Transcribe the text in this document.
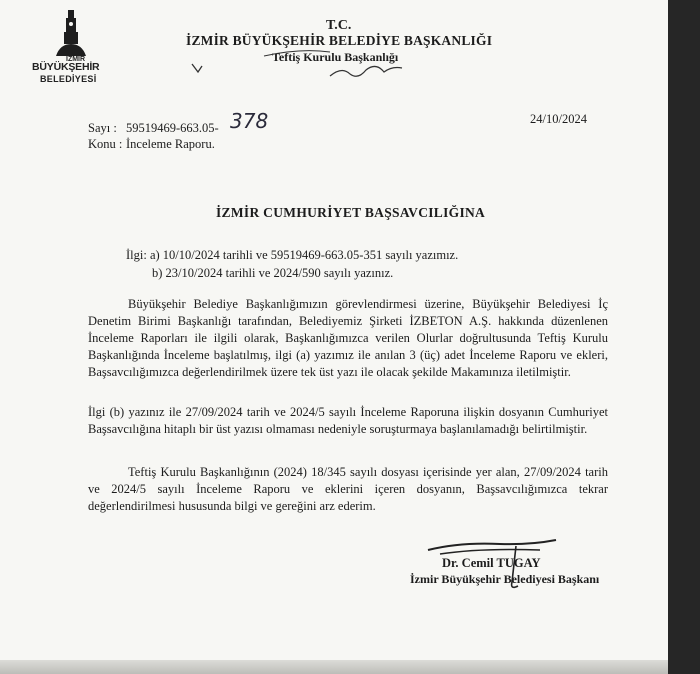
İZMİR
BÜYÜKŞEHİR
BELEDİYESİ
T.C.
İZMİR BÜYÜKŞEHİR BELEDİYE BAŞKANLIĞI
Teftiş Kurulu Başkanlığı
Sayı : 59519469-663.05- 378	24/10/2024
Konu : İnceleme Raporu.
İZMİR CUMHURİYET BAŞSAVCILIĞINA
İlgi: a) 10/10/2024 tarihli ve 59519469-663.05-351 sayılı yazımız.
b) 23/10/2024 tarihli ve 2024/590 sayılı yazınız.

Büyükşehir Belediye Başkanlığımızın görevlendirmesi üzerine, Büyükşehir Belediyesi İç Denetim Birimi Başkanlığı tarafından, Belediyemiz Şirketi İZBETON A.Ş. hakkında düzenlenen İnceleme Raporları ile ilgili olarak, Başkanlığımızca verilen Olurlar doğrultusunda Teftiş Kurulu Başkanlığında İnceleme başlatılmış, ilgi (a) yazımız ile anılan 3 (üç) adet İnceleme Raporu ve ekleri, Başsavcılığımızca değerlendirilmek üzere tek üst yazı ile olacak şekilde Makamınıza iletilmiştir.

İlgi (b) yazınız ile 27/09/2024 tarih ve 2024/5 sayılı İnceleme Raporuna ilişkin dosyanın Cumhuriyet Başsavcılığına hitaplı bir üst yazısı olmaması nedeniyle soruşturmaya başlanılamadığı belirtilmiştir.

Teftiş Kurulu Başkanlığının (2024) 18/345 sayılı dosyası içerisinde yer alan, 27/09/2024 tarih ve 2024/5 sayılı İnceleme Raporu ve eklerini içeren dosyanın, Başsavcılığımızca tekrar değerlendirilmesi hususunda bilgi ve gereğini arz ederim.

Dr. Cemil TUGAY
İzmir Büyükşehir Belediyesi Başkanı
